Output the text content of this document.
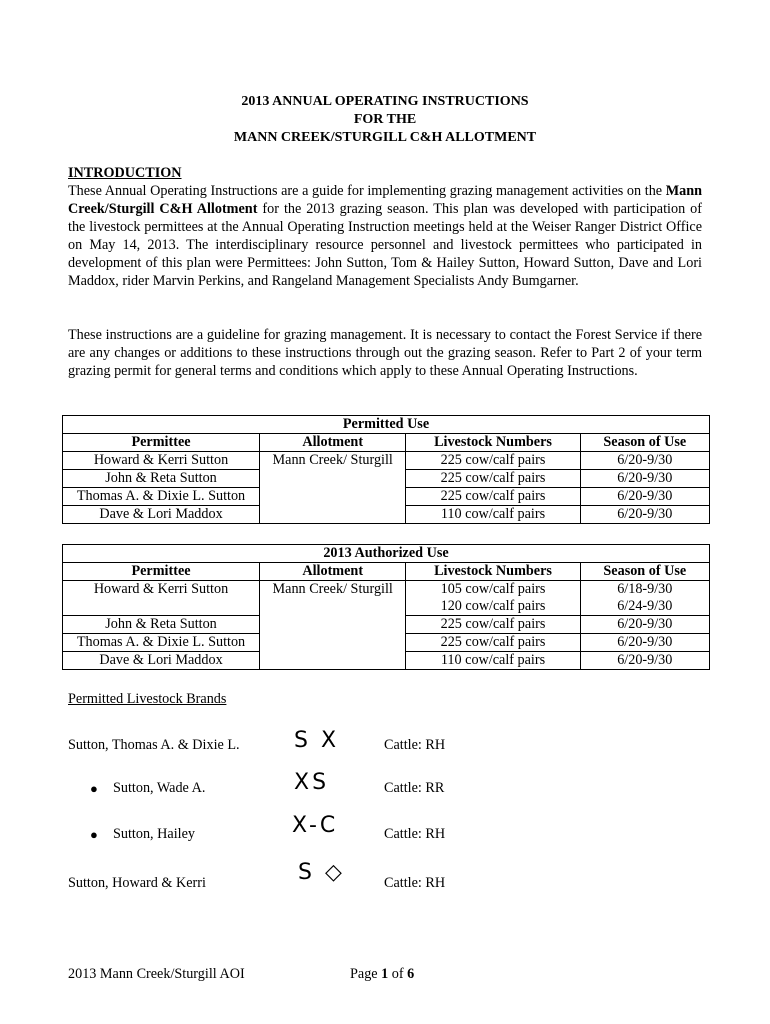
2013 ANNUAL OPERATING INSTRUCTIONS
FOR THE
MANN CREEK/STURGILL C&H ALLOTMENT
INTRODUCTION
These Annual Operating Instructions are a guide for implementing grazing management activities on the Mann Creek/Sturgill C&H Allotment for the 2013 grazing season. This plan was developed with participation of the livestock permittees at the Annual Operating Instruction meetings held at the Weiser Ranger District Office on May 14, 2013. The interdisciplinary resource personnel and livestock permittees who participated in development of this plan were Permittees: John Sutton, Tom & Hailey Sutton, Howard Sutton, Dave and Lori Maddox, rider Marvin Perkins, and Rangeland Management Specialists Andy Bumgarner.
These instructions are a guideline for grazing management. It is necessary to contact the Forest Service if there are any changes or additions to these instructions through out the grazing season. Refer to Part 2 of your term grazing permit for general terms and conditions which apply to these Annual Operating Instructions.
Permitted Use			
Permittee	Allotment	Livestock Numbers	Season of Use
Howard & Kerri Sutton	Mann Creek/ Sturgill	225 cow/calf pairs	6/20-9/30
John & Reta Sutton		225 cow/calf pairs	6/20-9/30
Thomas A. & Dixie L. Sutton		225 cow/calf pairs	6/20-9/30
Dave & Lori Maddox		110 cow/calf pairs	6/20-9/30
2013 Authorized Use			
Permittee	Allotment	Livestock Numbers	Season of Use
Howard & Kerri Sutton	Mann Creek/ Sturgill	105 cow/calf pairs	6/18-9/30
		120 cow/calf pairs	6/24-9/30
John & Reta Sutton		225 cow/calf pairs	6/20-9/30
Thomas A. & Dixie L. Sutton		225 cow/calf pairs	6/20-9/30
Dave & Lori Maddox		110 cow/calf pairs	6/20-9/30
Permitted Livestock Brands
Sutton, Thomas A. & Dixie L. S X	Cattle: RH
● Sutton, Wade A.	XS	Cattle: RR
● Sutton, Hailey	X-C	Cattle: RH
Sutton, Howard & Kerri	S ◇	Cattle: RH
2013 Mann Creek/Sturgill AOI	Page 1 of 6
